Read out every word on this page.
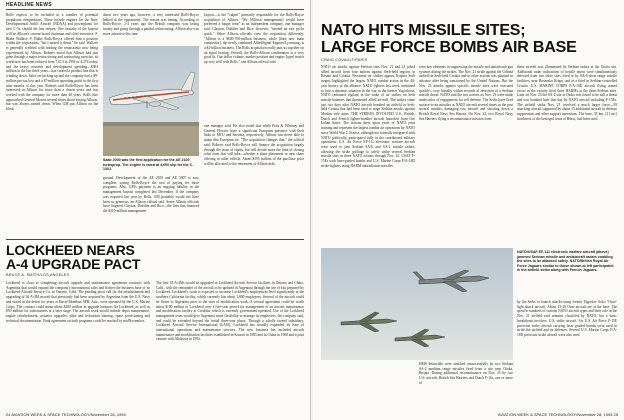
HEADLINE NEWS
Rolls expects to be included in a number of potential propulsion competitions. These include engines for the Non-Developmental Airlift Aircraft (NDAA) and powerplants for new C-5s, should the line reopen. One casualty of the buyout will be Allison's current board chairman and chief executive, F. Blake Wallace. F. Blake Rolls-Royce offered him a position within the corporation, "but I turned it down," he said. Wallace is generally credited with leading the renaissance now being experienced by Allison. Roberts noted that Allison had just gone through a major restructuring and contracting exercise, its workforce has been reduced from 7,013 in 1991 to 4,276 today, and the heavy research and development spending—$384 million in the last three years—has created a product line that is winding down. Sales are picking up and the company had a $9-million pre-tax loss and a $7-million operating profit in the first nine months of this year. Roberts said Rolls-Royce has been interested in Allison for more than a dozen years and has worked with the company for more than 40 years. Rolls also approached General Motors several times about buying Allison, but was always turned down. When GM put Allison on the block
about two years ago, however, a very interested Rolls-Royce balked at the opportunity. The reason was timing. According to Rolls-Royce, 2-3 years ago the British company was losing money and going through a painful restructuring. Allison also was more attractive this time
buyout—is the "culprit" primarily responsible for the Rolls-Royce acquisition of Allison. "We [Allison management] would have preferred a longer term" as an independent company, one manager said. Clayton, Dubilier and Rice, however, "needed an exit profit quick." Other Allison officials view the acquisition differently. "Allison is a $600-700-million business, while [their new main competitor], the newly combined AlliedSignal Engines/Lycoming, is a $2-billion business. The Rolls acquisition really puts us together on an equal footing. Overall, the Rolls-Allison combination is a very good fit. Our dollar volume, market position and engine [type] match up very well with Rolls," one Allison official said.
Saab 2000 was the first application for the AE 2100 turboprop. The engine is rated at 4,600 shp for the C-130J.
ground. Development of the AE 2100 and AE 3007 is now complete, saving Rolls-Royce the cost of paying for these programs. Also, GM's payment is an ongoing liability in the management buyout completed last December. If the company was acquired last year by Rolls, GM probably would not have been so generous, an Allison official said. Some Allison officials have fingered Clayton, Dubilier and Rice—the firm that financed the $310-million management
one manager said. He also noted that while Pratt & Whitney and General Electric have a significant European presence with their links to MTU and Snecma, respectively, Allison was never able to attain that European tie. "The acquisition changes that," the official said. Roberts said Rolls-Royce will finance the acquisition largely through the issue of equity, but will decide more the time of closing what form that will take—whether a share placement or new share offering or other vehicle. About $195 million of the purchase price will be allocated to the retirement of Allison debt.
LOCKHEED NEARS
A-4 UPGRADE PACT
BRUCE A. SMITH/LOS ANGELES
Lockheed is close to completing aircraft upgrade and maintenance agreement contracts with Argentina that would expand the company's international sales and bolster the business base of its Lockheed Aircraft Service Co. in Ontario, Calif. The pending pacts call for the refurbishment and upgrading of 36 A-4M aircraft that previously had been acquired by Argentina from the U.S. Navy and stored in the desert for years at Davis-Monthan AFB, Ariz., were operated by the U.S. Marine Corps. The contract could mean about $200 million in upgrade business for Lockheed, as well as $50 million for subcontracts at a later stage. The aircraft work would include depot maintenance, engine refurbishment, avionics upgrades, pilot and technician training, spare provisioning and technical documentation. Final agreement on both programs could be reached by midNovember.
The first 18 A-4Ms would be upgraded at Lockheed Aircraft Service facilities in Ontario and Chino, Calif., with the remainder of the aircraft to be updated in Argentina through the use of kits prepared by Lockheed. Lockheed's work is expected to increase Lockheed's employment level significantly at the southern California facility, which currently has about 1,800 employees. Several of the aircraft could be flown to Argentina prior to the start of modification work. A second agreement could be worth about $100 million to Lockheed over a five-year period for management of an aircraft maintenance and modification facility at Cordoba, which is currently government-operated. Use of the Lockheed management team would give Argentina more flexibility to manage its employees, the company said, and could be extended beyond the initial three-year phase. Through a wholly owned subsidiary, Lockheed Aircraft Service International (LASI), Lockheed has steadily expanded its base of international operations and maintenance services. The new business has included aircraft maintenance and modification facilities established in Kuwait in 1985 and in China in 1988 and a joint venture with Malaysia in 1992.
24 AVIATION WEEK & SPACE TECHNOLOGY/November 28, 1994
NATO HITS MISSILE SITES;
LARGE FORCE BOMBS AIR BASE
CRAIG COVAULT/PARIS
NATO air attacks against Serbian sites Nov. 21 and 23 jolted allied aircraft from four nations against Serb-held regions in Bosnia and Croatia. Persistent air strikes against Krajina Serb targets highlighted the largest NATO combat action in the 44-year history of the alliance. NATO fighters last week continued to face a dynamic situation in the war in the former Yugoslavia. NATO remained vigilant in the wake of air strikes on Serb missile batteries that threatened allied aircraft. The strikes came just two days after NATO aircraft bombed an airfield in Serb-held Croatia that had been used to stage Serbian attacks against Muslim safe areas. THE STRIKES INVOLVED U.S., British, Dutch and French fighter-bomber aircraft launched from five Italian bases. The actions drew upon years of NATO joint training and represent the largest combat air operations by NATO since World War 2. France, although not formally integrated with NATO politically, participated fully in the coordinated military operations. U.S. Air Force EF-111 electronic warfare aircraft were used to jam Serbian SA-6 and SA-2 missile radars, allowing the strike package to safely strike several Serbian missile sites in three NATO actions through Nov. 23. USAF F-15Es with laser-guided bombs and U.S. Marine Corps F/A-18D strike fighters using HARM antiradiation missiles
were key elements in suppressing the missile and antiaircraft gun systems during the strikes. The Nov. 21 strike against the Udbina airfield in Serb-held Croatia and in other actions was planned in advance after being sanctioned by the United Nations. But the Nov. 23 attacks against specific missile sites were executed quickly—very literally within seconds of detection of a Serbian missile threat. NATO said the two actions on Nov. 23 were made under rules of engagement for self defense. The Serbs have fired surface-to-air missiles at NATO aircraft several times in the past several months, damaging two aircraft and shooting down a British Royal Navy Sea Harrier. On Nov. 22, two Royal Navy Sea Harriers flying a reconnaissance mission from
these aircraft was illuminated by Serbian radars at the Otoka site. Additional radar indications of hostile intent were simultaneously detected from two other sites, fired at by SA-6 short range missile facilities, near Bosanska Krupa, and at a third in Serbian-controlled Croatia. U.S. MARINE CORPS F/A-18D aircraft flying armed escort in the vicinity fired three HARMs at the three Serbian sites. Later on Nov. 23 the SA-2 site at Otoka was found to be still a threat and was bombed later that day by NATO aircraft including F-15Es. The airfield strike Nov. 21 involved a much larger force—39 attacking aircraft supported by about 15 additional aircraft in defense suppression and other support operations. The base, 35 km. (21 mi.) southwest of the besieged town of Bihac, had been used
NATO/USAF EF-111 electronic warfare aircraft (above) jammed Serbian missile and antiaircraft radars enabling the sites to be attacked safely. NATO/British Royal Air Force Jaguars similar to those shown at left participated in the airfield strike along with French Jaguars.
HMS Invincible were attacked unsuccessfully by two Serbian SA-2 medium range missiles fired from a site near Otoka, Bosnia. During additional reconnaissance on Nov. 23 by two U.S. aircraft, British Sea Harriers and Dutch F-16s, one or more of
by the Serbs to launch attacks using former Yugoslav Soko "Orao" light attack aircraft. About 15-20 Orao aircraft are at the base. The specific numbers of various NATO aircraft types and their role in the Nov. 21 airfield raid remains classified by NATO, but a basic breakdown involves: U.S. strike aircraft. Six U.S. Air Force F-15E precision strike aircraft carrying laser guided bombs were used to strike the airfield and its defenses. Several U.S. Marine Corps F/A-18D precision strike aircraft were also used
AVIATION WEEK & SPACE TECHNOLOGY/November 28, 1994 25
